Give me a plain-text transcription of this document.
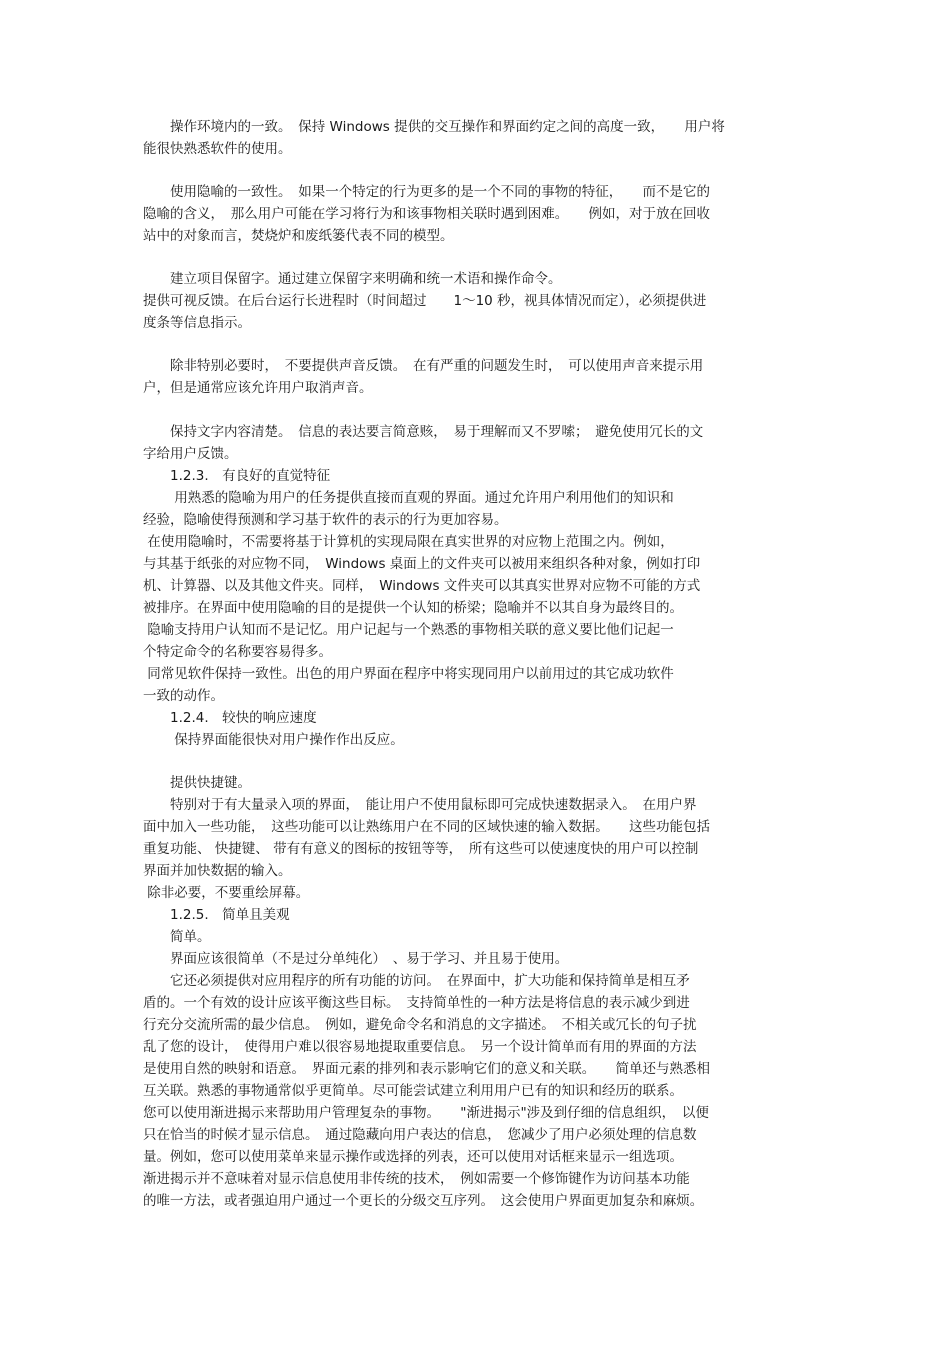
　　操作环境内的一致。　保持 Windows 提供的交互操作和界面约定之间的高度一致，　　用户将
能很快熟悉软件的使用。
　　使用隐喻的一致性。　如果一个特定的行为更多的是一个不同的事物的特征，　　而不是它的
隐喻的含义，　那么用户可能在学习将行为和该事物相关联时遇到困难。　　例如，对于放在回收
站中的对象而言，焚烧炉和废纸篓代表不同的模型。
　　建立项目保留字。通过建立保留字来明确和统一术语和操作命令。
提供可视反馈。在后台运行长进程时（时间超过　　1～10 秒，视具体情况而定），必须提供进
度条等信息指示。
　　除非特别必要时，　不要提供声音反馈。　在有严重的问题发生时，　可以使用声音来提示用
户，但是通常应该允许用户取消声音。
　　保持文字内容清楚。　信息的表达要言简意赅，　易于理解而又不罗嗦；　避免使用冗长的文
字给用户反馈。
　　1.2.3.　有良好的直觉特征
　　 用熟悉的隐喻为用户的任务提供直接而直观的界面。通过允许用户利用他们的知识和
经验，隐喻使得预测和学习基于软件的表示的行为更加容易。
在使用隐喻时，不需要将基于计算机的实现局限在真实世界的对应物上范围之内。例如，
与其基于纸张的对应物不同，　Windows 桌面上的文件夹可以被用来组织各种对象，例如打印
机、计算器、以及其他文件夹。同样，　Windows 文件夹可以其真实世界对应物不可能的方式
被排序。在界面中使用隐喻的目的是提供一个认知的桥梁；隐喻并不以其自身为最终目的。
隐喻支持用户认知而不是记忆。用户记起与一个熟悉的事物相关联的意义要比他们记起一
个特定命令的名称要容易得多。
同常见软件保持一致性。出色的用户界面在程序中将实现同用户以前用过的其它成功软件
一致的动作。
　　1.2.4.　较快的响应速度
　　 保持界面能很快对用户操作作出反应。
　　提供快捷键。
　　特别对于有大量录入项的界面，　能让用户不使用鼠标即可完成快速数据录入。　在用户界
面中加入一些功能，　这些功能可以让熟练用户在不同的区域快速的输入数据。　　这些功能包括
重复功能、 快捷键、 带有有意义的图标的按钮等等，　所有这些可以使速度快的用户可以控制
界面并加快数据的输入。
除非必要，不要重绘屏幕。
　　1.2.5.　简单且美观
　　简单。
　　界面应该很简单（不是过分单纯化）　、易于学习、并且易于使用。
　　它还必须提供对应用程序的所有功能的访问。　在界面中，扩大功能和保持简单是相互矛
盾的。一个有效的设计应该平衡这些目标。　支持简单性的一种方法是将信息的表示减少到进
行充分交流所需的最少信息。　例如，避免命令名和消息的文字描述。　不相关或冗长的句子扰
乱了您的设计，　使得用户难以很容易地提取重要信息。　另一个设计简单而有用的界面的方法
是使用自然的映射和语意。　界面元素的排列和表示影响它们的意义和关联。　　简单还与熟悉相
互关联。熟悉的事物通常似乎更简单。尽可能尝试建立利用用户已有的知识和经历的联系。
您可以使用渐进揭示来帮助用户管理复杂的事物。　　"渐进揭示"涉及到仔细的信息组织，　以便
只在恰当的时候才显示信息。　通过隐藏向用户表达的信息，　您减少了用户必须处理的信息数
量。例如，您可以使用菜单来显示操作或选择的列表，还可以使用对话框来显示一组选项。
渐进揭示并不意味着对显示信息使用非传统的技术，　例如需要一个修饰键作为访问基本功能
的唯一方法，或者强迫用户通过一个更长的分级交互序列。　这会使用户界面更加复杂和麻烦。
